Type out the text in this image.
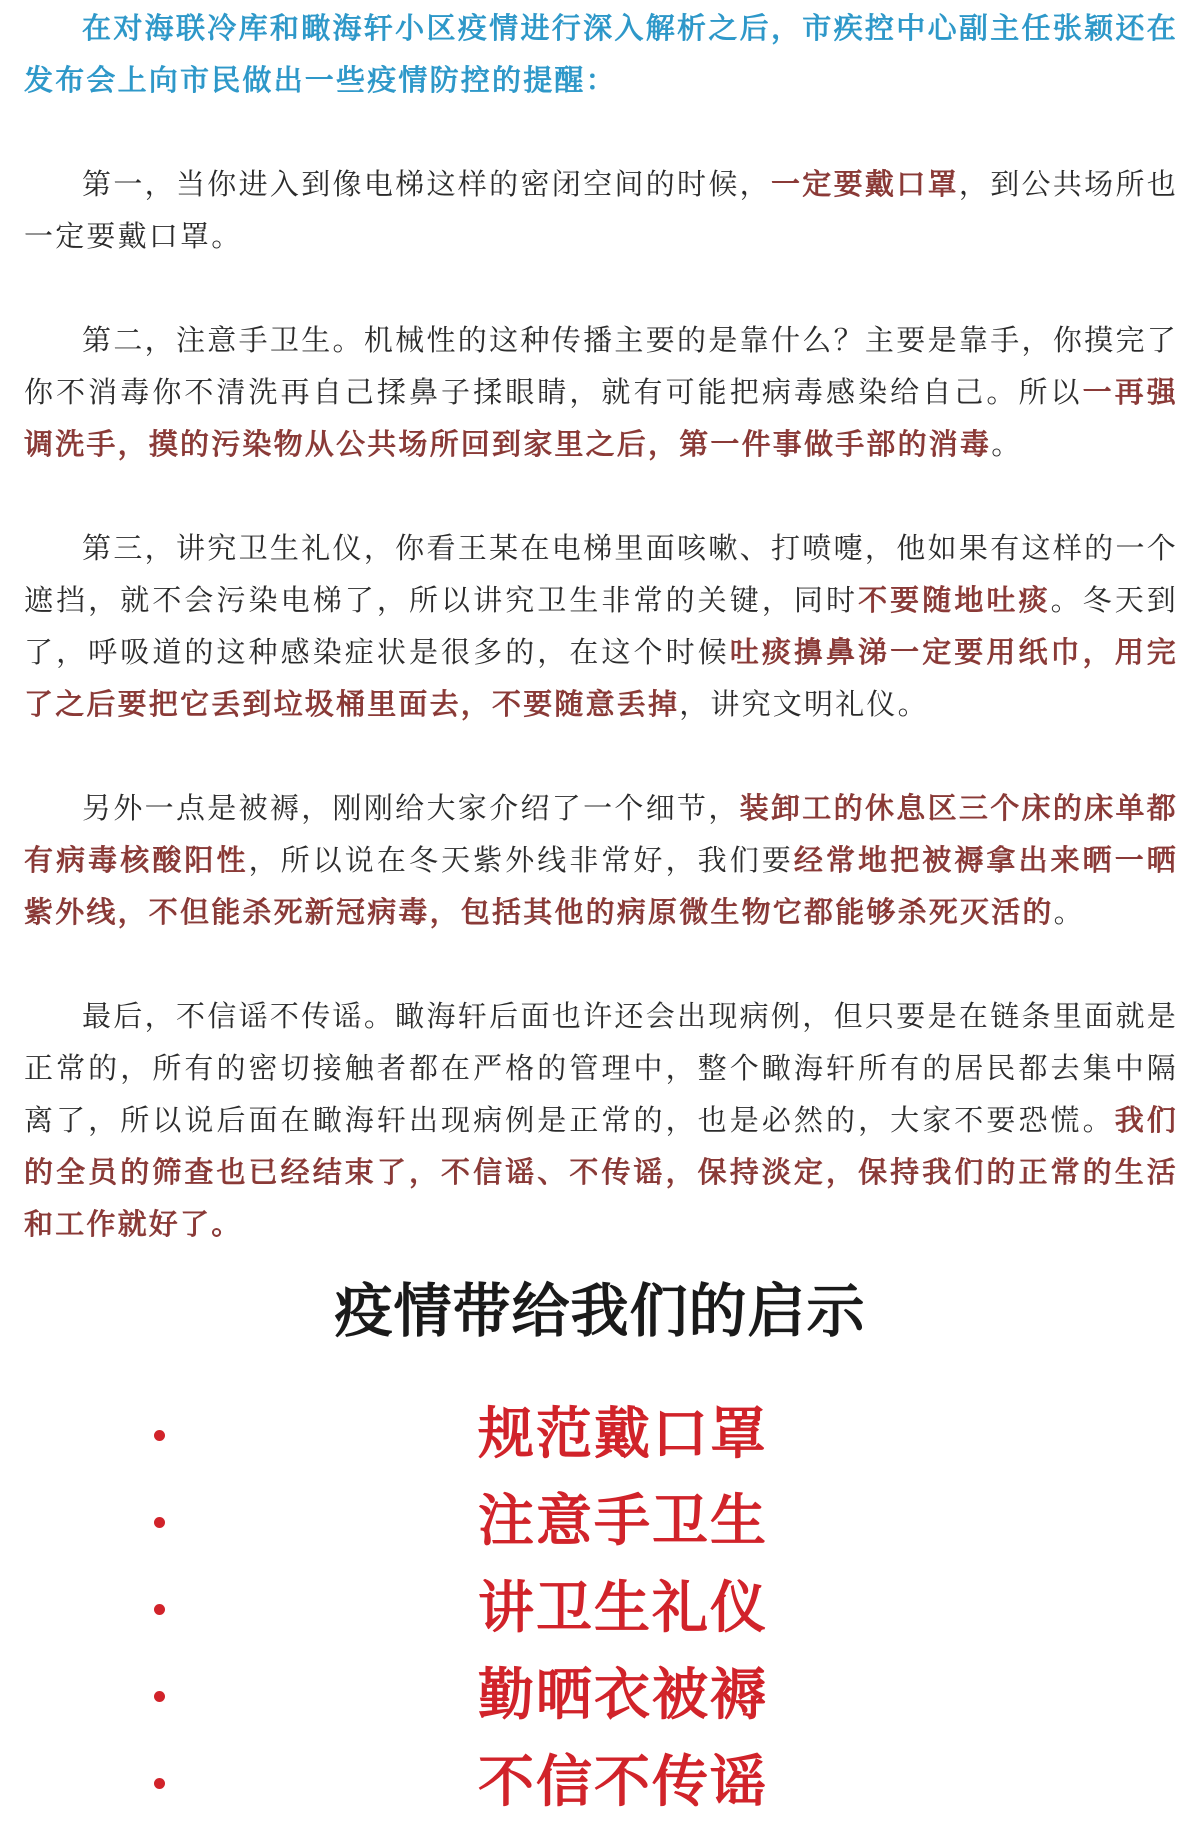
在对海联冷库和瞰海轩小区疫情进行深入解析之后，市疾控中心副主任张颖还在发布会上向市民做出一些疫情防控的提醒：

第一，当你进入到像电梯这样的密闭空间的时候，一定要戴口罩，到公共场所也一定要戴口罩。

第二，注意手卫生。机械性的这种传播主要的是靠什么？主要是靠手，你摸完了你不消毒你不清洗再自己揉鼻子揉眼睛，就有可能把病毒感染给自己。所以一再强调洗手，摸的污染物从公共场所回到家里之后，第一件事做手部的消毒。

第三，讲究卫生礼仪，你看王某在电梯里面咳嗽、打喷嚏，他如果有这样的一个遮挡，就不会污染电梯了，所以讲究卫生非常的关键，同时不要随地吐痰。冬天到了，呼吸道的这种感染症状是很多的，在这个时候吐痰擤鼻涕一定要用纸巾，用完了之后要把它丢到垃圾桶里面去，不要随意丢掉，讲究文明礼仪。

另外一点是被褥，刚刚给大家介绍了一个细节，装卸工的休息区三个床的床单都有病毒核酸阳性，所以说在冬天紫外线非常好，我们要经常地把被褥拿出来晒一晒紫外线，不但能杀死新冠病毒，包括其他的病原微生物它都能够杀死灭活的。

最后，不信谣不传谣。瞰海轩后面也许还会出现病例，但只要是在链条里面就是正常的，所有的密切接触者都在严格的管理中，整个瞰海轩所有的居民都去集中隔离了，所以说后面在瞰海轩出现病例是正常的，也是必然的，大家不要恐慌。我们的全员的筛查也已经结束了，不信谣、不传谣，保持淡定，保持我们的正常的生活和工作就好了。

疫情带给我们的启示
规范戴口罩
注意手卫生
讲卫生礼仪
勤晒衣被褥
不信不传谣
